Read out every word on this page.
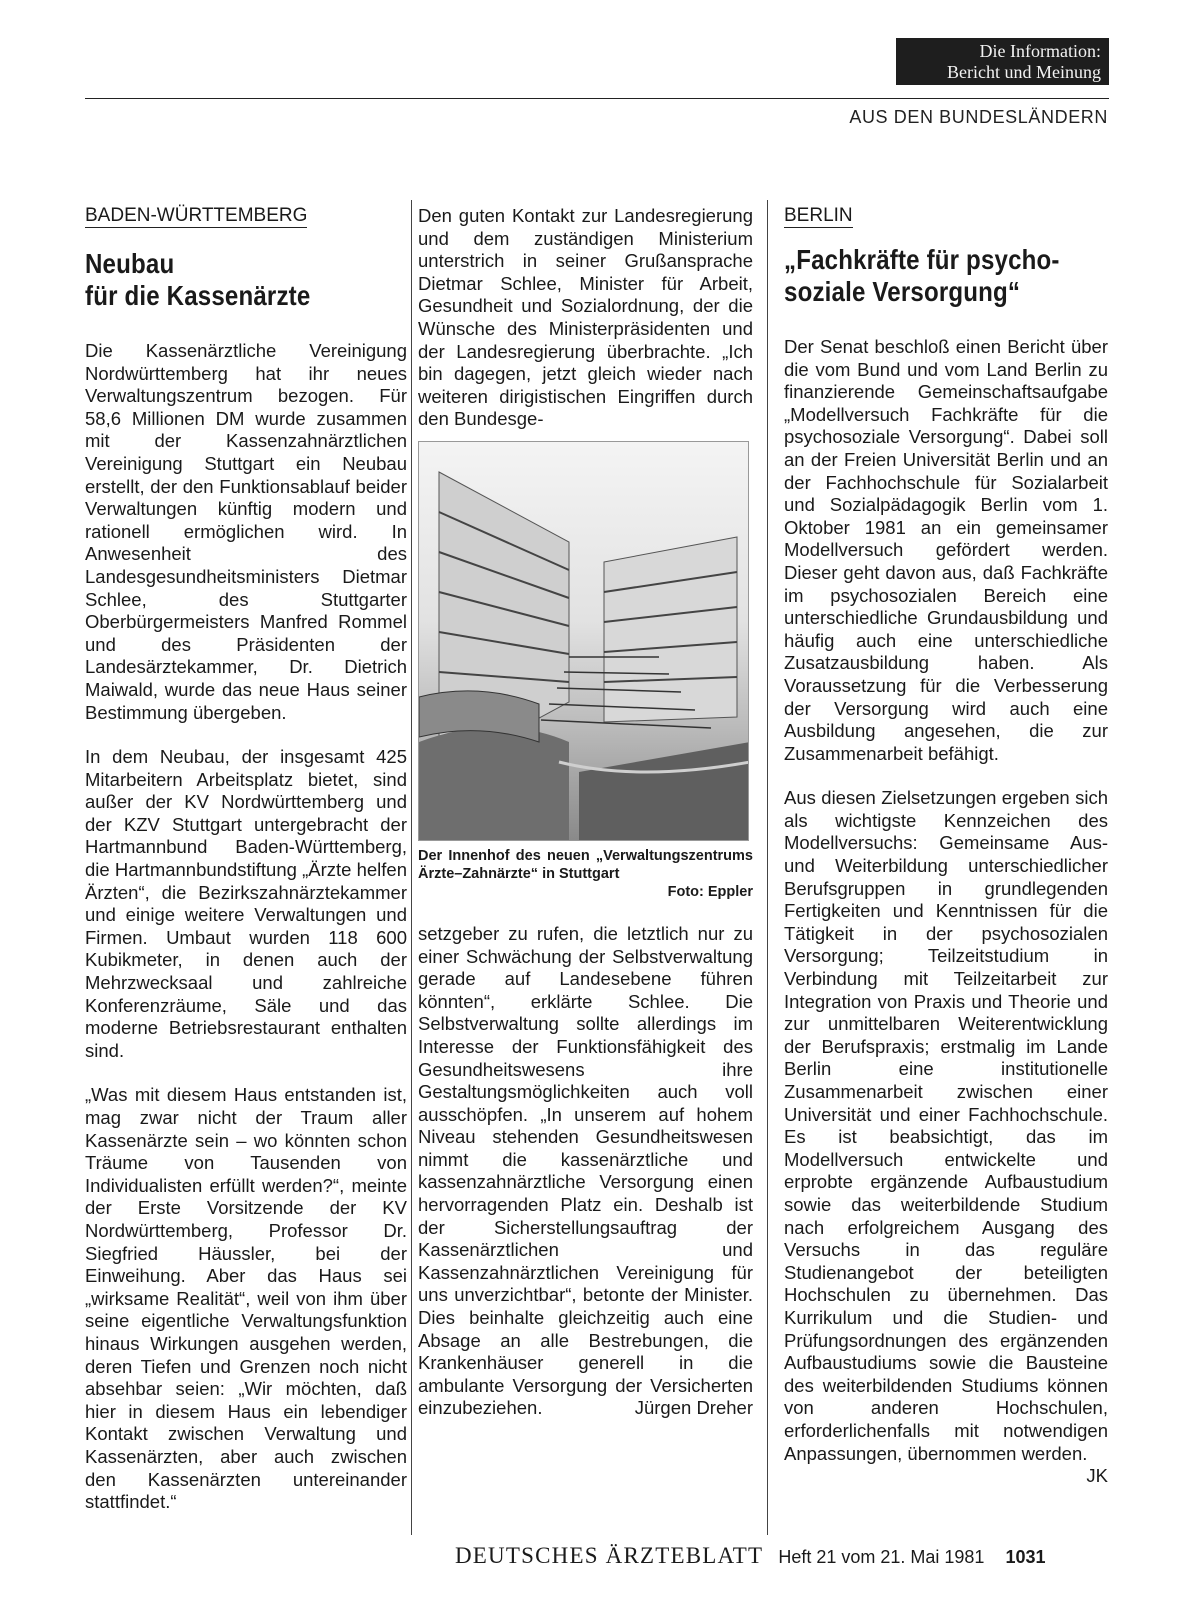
Die Information:
Bericht und Meinung
AUS DEN BUNDESLÄNDERN
BADEN-WÜRTTEMBERG
Neubau
für die Kassenärzte

Die Kassenärztliche Vereinigung Nordwürttemberg hat ihr neues Verwaltungszentrum bezogen. Für 58,6 Millionen DM wurde zusammen mit der Kassenzahnärztlichen Vereinigung Stuttgart ein Neubau erstellt, der den Funktionsablauf beider Verwaltungen künftig modern und rationell ermöglichen wird. In Anwesenheit des Landesgesundheitsministers Dietmar Schlee, des Stuttgarter Oberbürgermeisters Manfred Rommel und des Präsidenten der Landesärztekammer, Dr. Dietrich Maiwald, wurde das neue Haus seiner Bestimmung übergeben.

In dem Neubau, der insgesamt 425 Mitarbeitern Arbeitsplatz bietet, sind außer der KV Nordwürttemberg und der KZV Stuttgart untergebracht der Hartmannbund Baden-Württemberg, die Hartmannbundstiftung „Ärzte helfen Ärzten“, die Bezirkszahnärztekammer und einige weitere Verwaltungen und Firmen. Umbaut wurden 118 600 Kubikmeter, in denen auch der Mehrzwecksaal und zahlreiche Konferenzräume, Säle und das moderne Betriebsrestaurant enthalten sind.

„Was mit diesem Haus entstanden ist, mag zwar nicht der Traum aller Kassenärzte sein – wo könnten schon Träume von Tausenden von Individualisten erfüllt werden?“, meinte der Erste Vorsitzende der KV Nordwürttemberg, Professor Dr. Siegfried Häussler, bei der Einweihung. Aber das Haus sei „wirksame Realität“, weil von ihm über seine eigentliche Verwaltungsfunktion hinaus Wirkungen ausgehen werden, deren Tiefen und Grenzen noch nicht absehbar seien: „Wir möchten, daß hier in diesem Haus ein lebendiger Kontakt zwischen Verwaltung und Kassenärzten, aber auch zwischen den Kassenärzten untereinander stattfindet.“

Den guten Kontakt zur Landesregierung und dem zuständigen Ministerium unterstrich in seiner Grußansprache Dietmar Schlee, Minister für Arbeit, Gesundheit und Sozialordnung, der die Wünsche des Ministerpräsidenten und der Landesregierung überbrachte. „Ich bin dagegen, jetzt gleich wieder nach weiteren dirigistischen Eingriffen durch den Bundesge-

Der Innenhof des neuen „Verwaltungszentrums Ärzte–Zahnärzte“ in Stuttgart
Foto: Eppler

setzgeber zu rufen, die letztlich nur zu einer Schwächung der Selbstverwaltung gerade auf Landesebene führen könnten“, erklärte Schlee. Die Selbstverwaltung sollte allerdings im Interesse der Funktionsfähigkeit des Gesundheitswesens ihre Gestaltungsmöglichkeiten auch voll ausschöpfen. „In unserem auf hohem Niveau stehenden Gesundheitswesen nimmt die kassenärztliche und kassenzahnärztliche Versorgung einen hervorragenden Platz ein. Deshalb ist der Sicherstellungsauftrag der Kassenärztlichen und Kassenzahnärztlichen Vereinigung für uns unverzichtbar“, betonte der Minister. Dies beinhalte gleichzeitig auch eine Absage an alle Bestrebungen, die Krankenhäuser generell in die ambulante Versorgung der Versicherten einzubeziehen.	Jürgen Dreher

BERLIN
„Fachkräfte für psycho-
soziale Versorgung“

Der Senat beschloß einen Bericht über die vom Bund und vom Land Berlin zu finanzierende Gemeinschaftsaufgabe „Modellversuch Fachkräfte für die psychosoziale Versorgung“. Dabei soll an der Freien Universität Berlin und an der Fachhochschule für Sozialarbeit und Sozialpädagogik Berlin vom 1. Oktober 1981 an ein gemeinsamer Modellversuch gefördert werden. Dieser geht davon aus, daß Fachkräfte im psychosozialen Bereich eine unterschiedliche Grundausbildung und häufig auch eine unterschiedliche Zusatzausbildung haben. Als Voraussetzung für die Verbesserung der Versorgung wird auch eine Ausbildung angesehen, die zur Zusammenarbeit befähigt.

Aus diesen Zielsetzungen ergeben sich als wichtigste Kennzeichen des Modellversuchs: Gemeinsame Aus- und Weiterbildung unterschiedlicher Berufsgruppen in grundlegenden Fertigkeiten und Kenntnissen für die Tätigkeit in der psychosozialen Versorgung; Teilzeitstudium in Verbindung mit Teilzeitarbeit zur Integration von Praxis und Theorie und zur unmittelbaren Weiterentwicklung der Berufspraxis; erstmalig im Lande Berlin eine institutionelle Zusammenarbeit zwischen einer Universität und einer Fachhochschule. Es ist beabsichtigt, das im Modellversuch entwickelte und erprobte ergänzende Aufbaustudium sowie das weiterbildende Studium nach erfolgreichem Ausgang des Versuchs in das reguläre Studienangebot der beteiligten Hochschulen zu übernehmen. Das Kurrikulum und die Studien- und Prüfungsordnungen des ergänzenden Aufbaustudiums sowie die Bausteine des weiterbildenden Studiums können von anderen Hochschulen, erforderlichenfalls mit notwendigen Anpassungen, übernommen werden.
JK

DEUTSCHES ÄRZTEBLATT Heft 21 vom 21. Mai 1981 1031
